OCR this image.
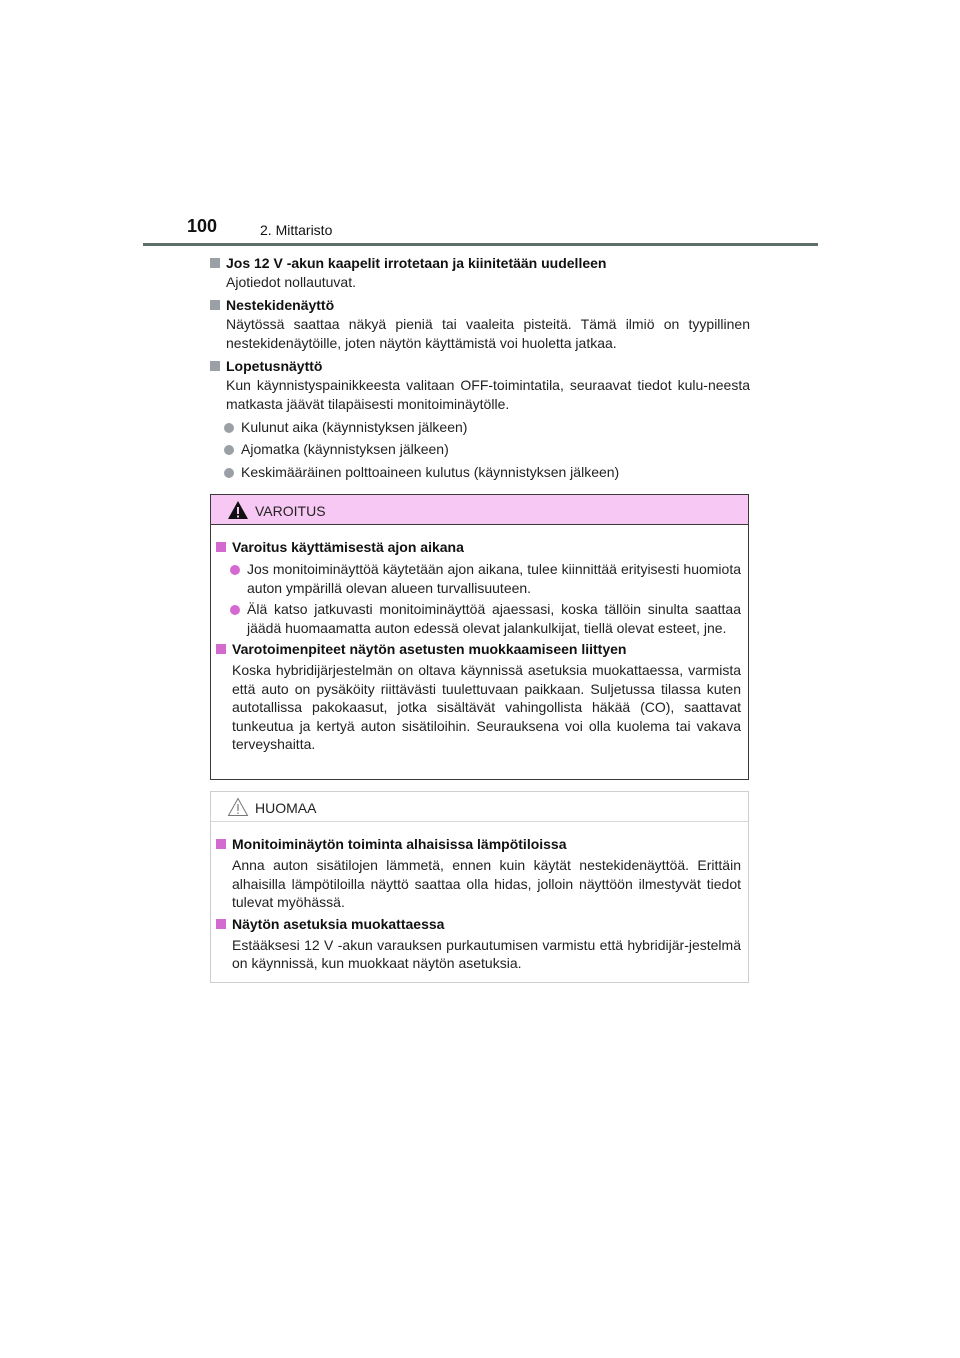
100	2. Mittaristo
Jos 12 V -akun kaapelit irrotetaan ja kiinitetään uudelleen
Ajotiedot nollautuvat.
Nestekidenäyttö
Näytössä saattaa näkyä pieniä tai vaaleita pisteitä. Tämä ilmiö on tyypillinen nestekidenäytöille, joten näytön käyttämistä voi huoletta jatkaa.
Lopetusnäyttö
Kun käynnistyspainikkeesta valitaan OFF-toimintatila, seuraavat tiedot kulu-neesta matkasta jäävät tilapäisesti monitoiminäytölle.
Kulunut aika (käynnistyksen jälkeen)
Ajomatka (käynnistyksen jälkeen)
Keskimääräinen polttoaineen kulutus (käynnistyksen jälkeen)
VAROITUS
Varoitus käyttämisestä ajon aikana
Jos monitoiminäyttöä käytetään ajon aikana, tulee kiinnittää erityisesti huomiota auton ympärillä olevan alueen turvallisuuteen.
Älä katso jatkuvasti monitoiminäyttöä ajaessasi, koska tällöin sinulta saattaa jäädä huomaamatta auton edessä olevat jalankulkijat, tiellä olevat esteet, jne.
Varotoimenpiteet näytön asetusten muokkaamiseen liittyen
Koska hybridijärjestelmän on oltava käynnissä asetuksia muokattaessa, varmista että auto on pysäköity riittävästi tuulettuvaan paikkaan. Suljetussa tilassa kuten autotallissa pakokaasut, jotka sisältävät vahingollista häkää (CO), saattavat tunkeutua ja kertyä auton sisätiloihin. Seurauksena voi olla kuolema tai vakava terveyshaitta.
HUOMAA
Monitoiminäytön toiminta alhaisissa lämpötiloissa
Anna auton sisätilojen lämmetä, ennen kuin käytät nestekidenäyttöä. Erittäin alhaisilla lämpötiloilla näyttö saattaa olla hidas, jolloin näyttöön ilmestyvät tiedot tulevat myöhässä.
Näytön asetuksia muokattaessa
Estääksesi 12 V -akun varauksen purkautumisen varmistu että hybridijär-jestelmä on käynnissä, kun muokkaat näytön asetuksia.
